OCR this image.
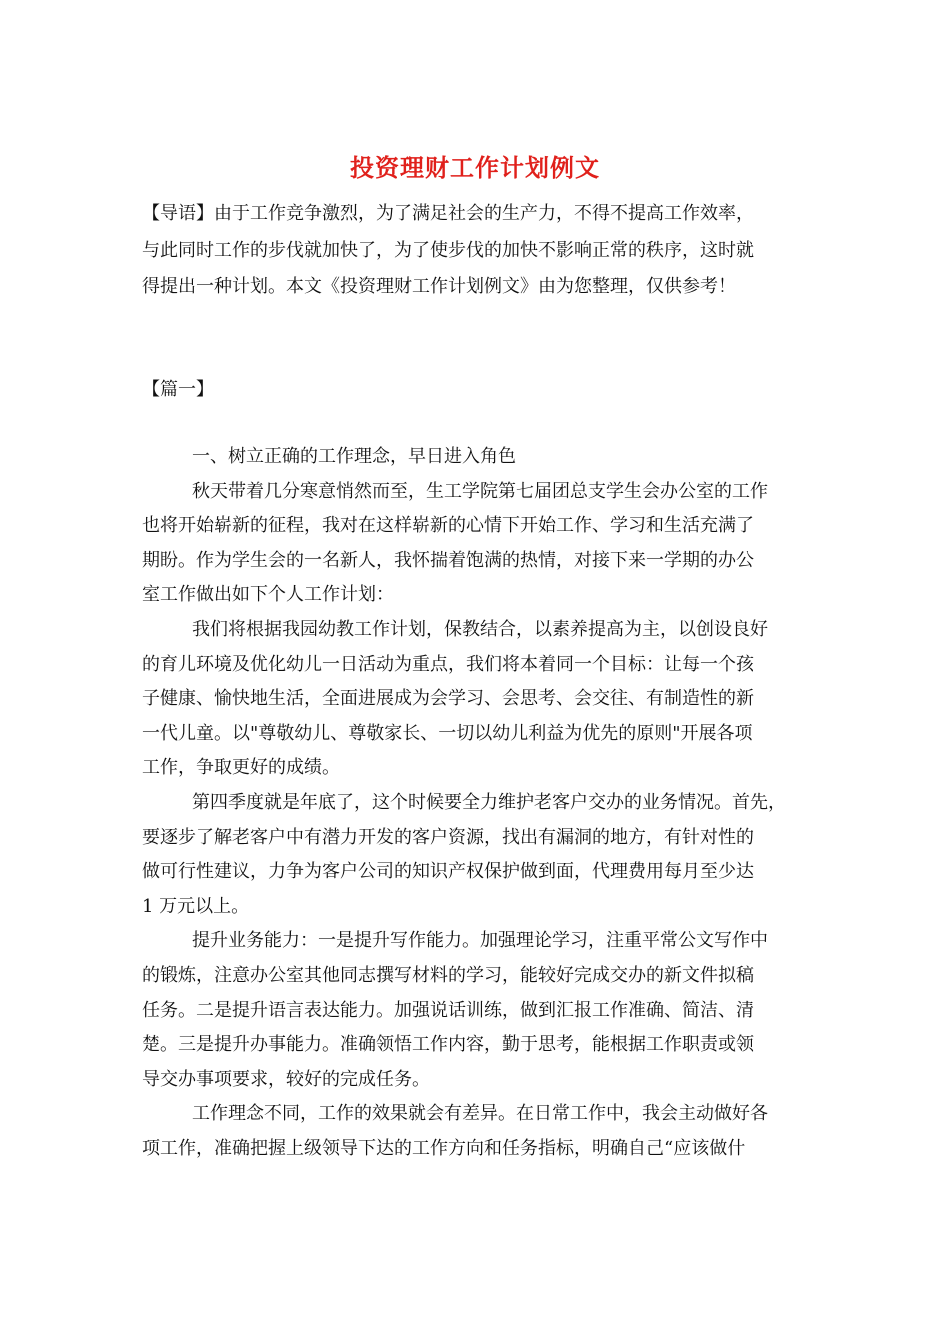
投资理财工作计划例文
【导语】由于工作竞争激烈，为了满足社会的生产力，不得不提高工作效率，
与此同时工作的步伐就加快了，为了使步伐的加快不影响正常的秩序，这时就
得提出一种计划。本文《投资理财工作计划例文》由为您整理，仅供参考！
【篇一】
一、树立正确的工作理念，早日进入角色
秋天带着几分寒意悄然而至，生工学院第七届团总支学生会办公室的工作
也将开始崭新的征程，我对在这样崭新的心情下开始工作、学习和生活充满了
期盼。作为学生会的一名新人，我怀揣着饱满的热情，对接下来一学期的办公
室工作做出如下个人工作计划：
我们将根据我园幼教工作计划，保教结合，以素养提高为主，以创设良好
的育儿环境及优化幼儿一日活动为重点，我们将本着同一个目标：让每一个孩
子健康、愉快地生活，全面进展成为会学习、会思考、会交往、有制造性的新
一代儿童。以"尊敬幼儿、尊敬家长、一切以幼儿利益为优先的原则"开展各项
工作，争取更好的成绩。
第四季度就是年底了，这个时候要全力维护老客户交办的业务情况。首先，
要逐步了解老客户中有潜力开发的客户资源，找出有漏洞的地方，有针对性的
做可行性建议，力争为客户公司的知识产权保护做到面，代理费用每月至少达
1 万元以上。
提升业务能力：一是提升写作能力。加强理论学习，注重平常公文写作中
的锻炼，注意办公室其他同志撰写材料的学习，能较好完成交办的新文件拟稿
任务。二是提升语言表达能力。加强说话训练，做到汇报工作准确、简洁、清
楚。三是提升办事能力。准确领悟工作内容，勤于思考，能根据工作职责或领
导交办事项要求，较好的完成任务。
工作理念不同，工作的效果就会有差异。在日常工作中，我会主动做好各
项工作，准确把握上级领导下达的工作方向和任务指标，明确自己“应该做什
